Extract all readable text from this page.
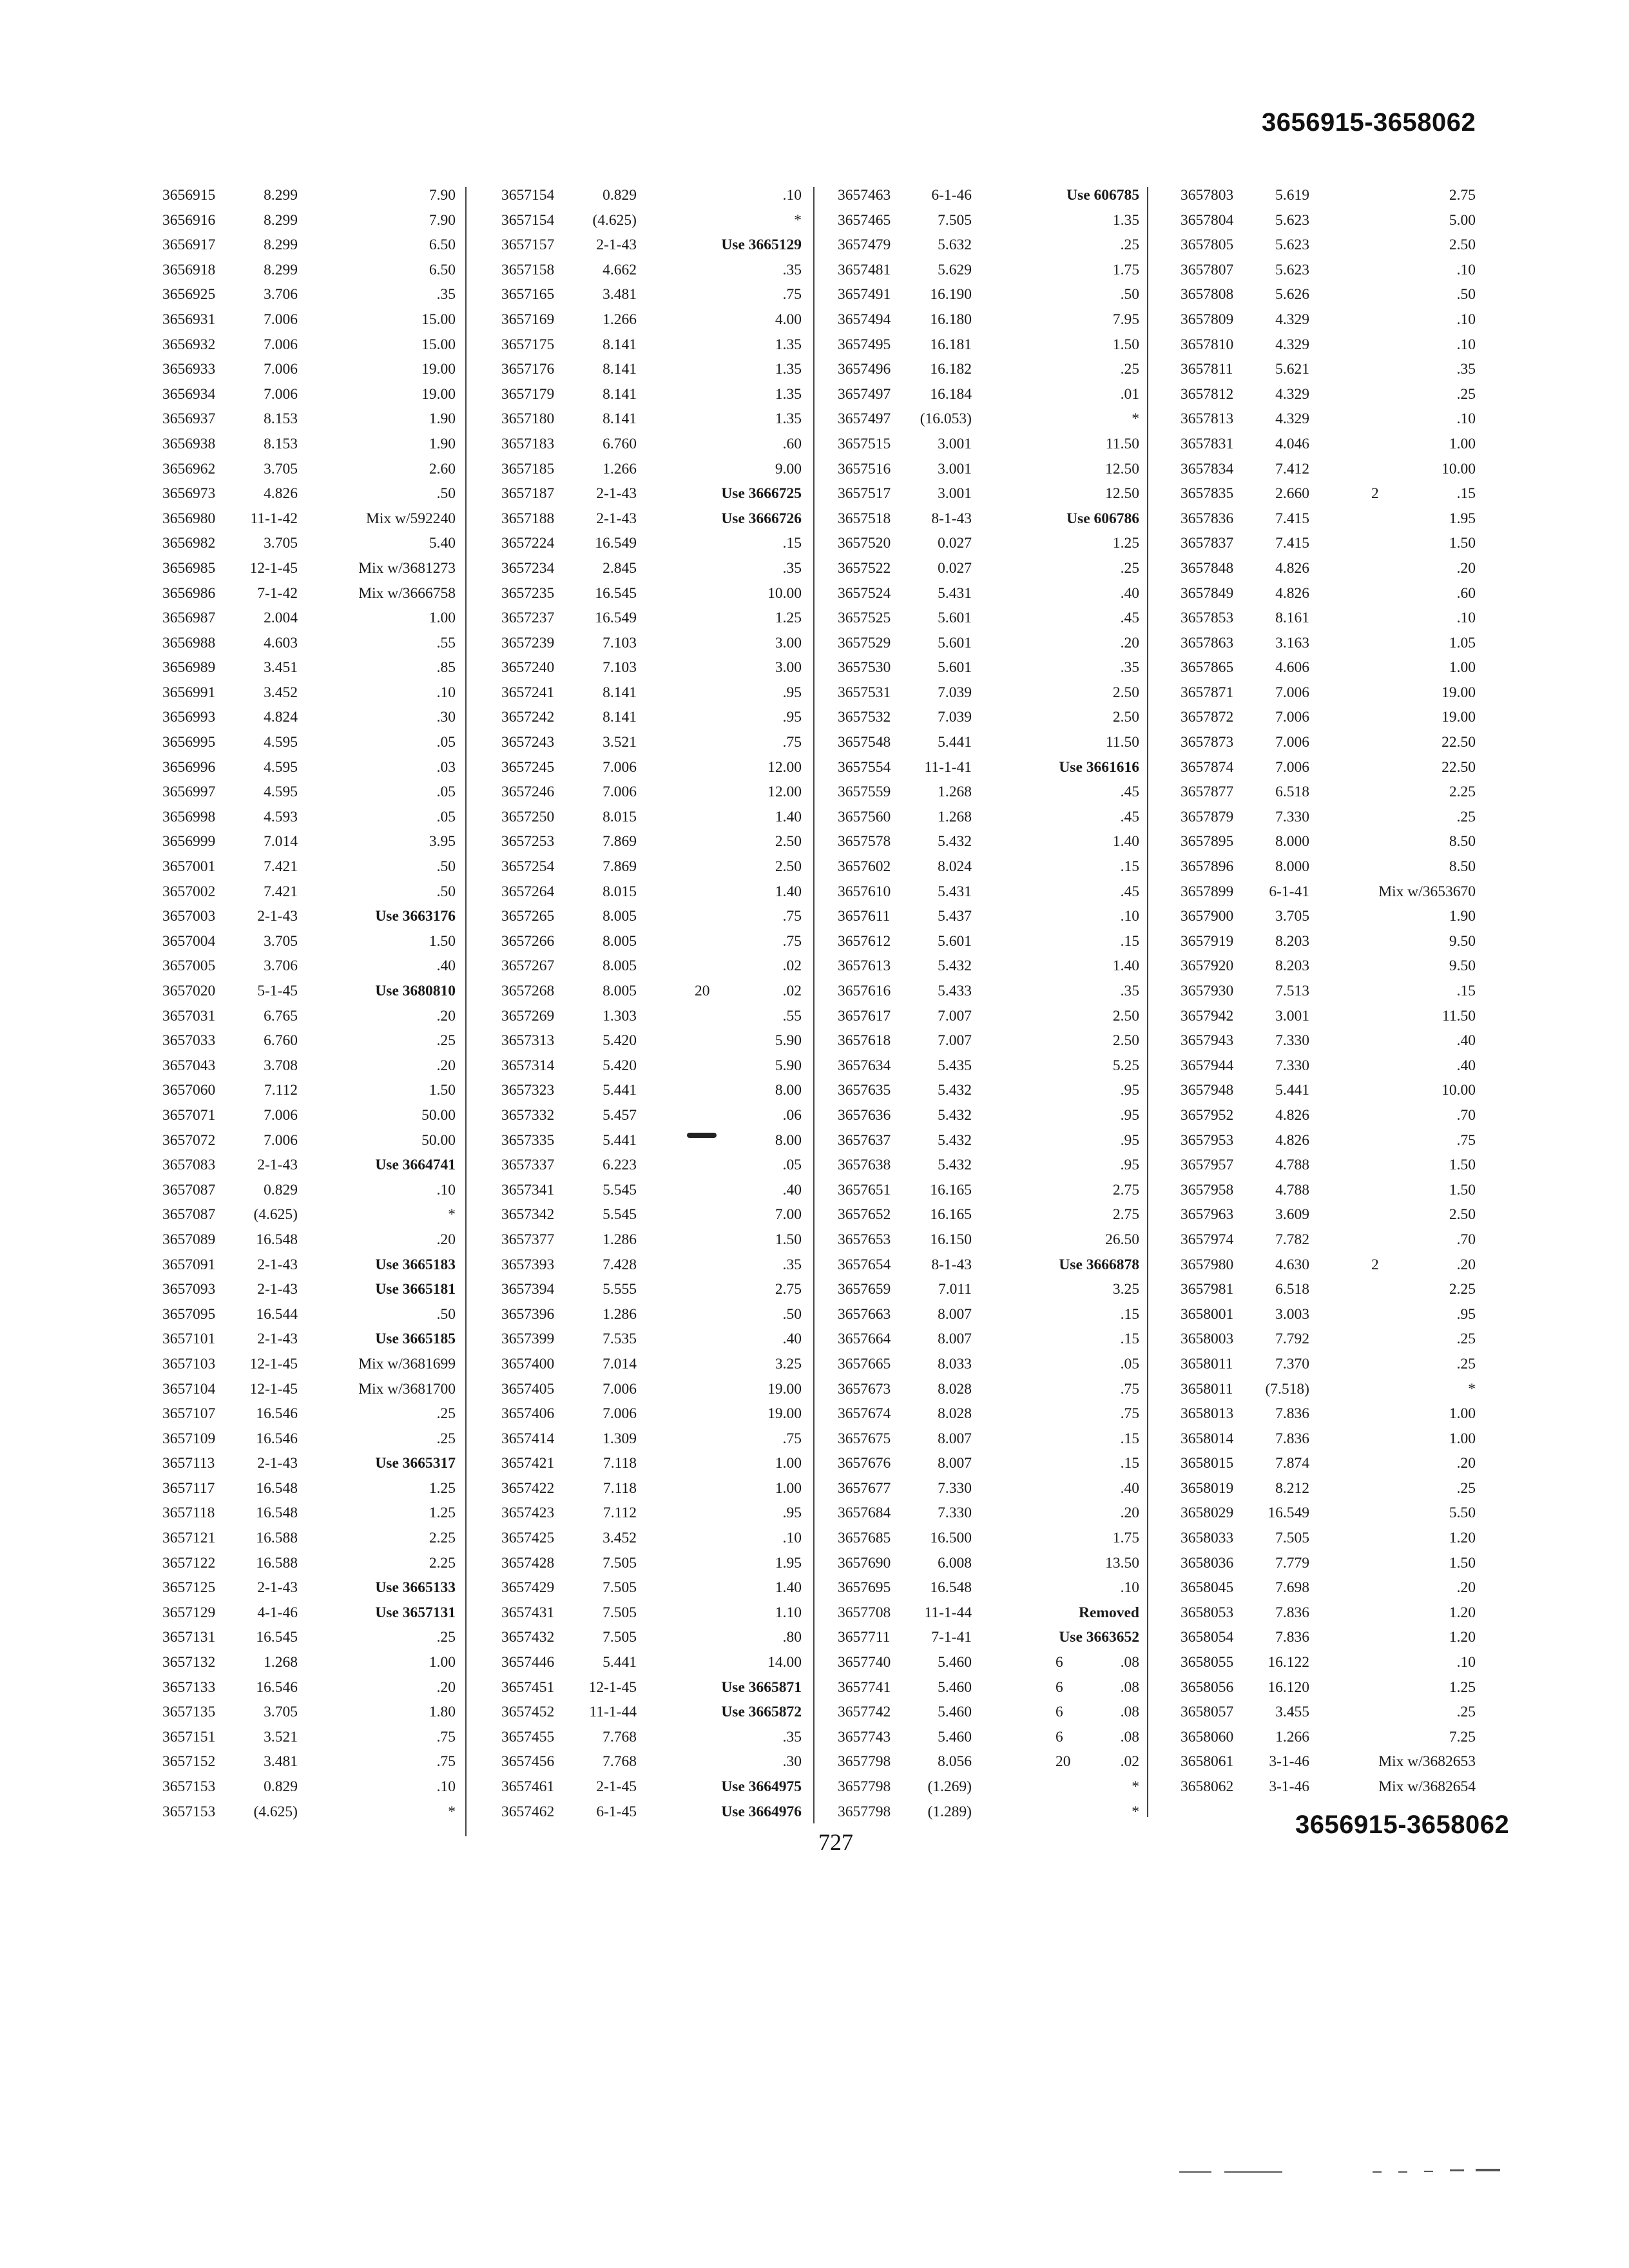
3656915-3658062
3656915	8.299	7.90
3656916	8.299	7.90
3656917	8.299	6.50
3656918	8.299	6.50
3656925	3.706	.35
3656931	7.006	15.00
3656932	7.006	15.00
3656933	7.006	19.00
3656934	7.006	19.00
3656937	8.153	1.90
3656938	8.153	1.90
3656962	3.705	2.60
3656973	4.826	.50
3656980	11-1-42	Mix w/592240
3656982	3.705	5.40
3656985	12-1-45	Mix w/3681273
3656986	7-1-42	Mix w/3666758
3656987	2.004	1.00
3656988	4.603	.55
3656989	3.451	.85
3656991	3.452	.10
3656993	4.824	.30
3656995	4.595	.05
3656996	4.595	.03
3656997	4.595	.05
3656998	4.593	.05
3656999	7.014	3.95
3657001	7.421	.50
3657002	7.421	.50
3657003	2-1-43	Use 3663176
3657004	3.705	1.50
3657005	3.706	.40
3657020	5-1-45	Use 3680810
3657031	6.765	.20
3657033	6.760	.25
3657043	3.708	.20
3657060	7.112	1.50
3657071	7.006	50.00
3657072	7.006	50.00
3657083	2-1-43	Use 3664741
3657087	0.829	.10
3657087	(4.625)	*
3657089	16.548	.20
3657091	2-1-43	Use 3665183
3657093	2-1-43	Use 3665181
3657095	16.544	.50
3657101	2-1-43	Use 3665185
3657103	12-1-45	Mix w/3681699
3657104	12-1-45	Mix w/3681700
3657107	16.546	.25
3657109	16.546	.25
3657113	2-1-43	Use 3665317
3657117	16.548	1.25
3657118	16.548	1.25
3657121	16.588	2.25
3657122	16.588	2.25
3657125	2-1-43	Use 3665133
3657129	4-1-46	Use 3657131
3657131	16.545	.25
3657132	1.268	1.00
3657133	16.546	.20
3657135	3.705	1.80
3657151	3.521	.75
3657152	3.481	.75
3657153	0.829	.10
3657153	(4.625)	*
3657154	0.829	.10
3657154	(4.625)	*
3657157	2-1-43	Use 3665129
3657158	4.662	.35
3657165	3.481	.75
3657169	1.266	4.00
3657175	8.141	1.35
3657176	8.141	1.35
3657179	8.141	1.35
3657180	8.141	1.35
3657183	6.760	.60
3657185	1.266	9.00
3657187	2-1-43	Use 3666725
3657188	2-1-43	Use 3666726
3657224	16.549	.15
3657234	2.845	.35
3657235	16.545	10.00
3657237	16.549	1.25
3657239	7.103	3.00
3657240	7.103	3.00
3657241	8.141	.95
3657242	8.141	.95
3657243	3.521	.75
3657245	7.006	12.00
3657246	7.006	12.00
3657250	8.015	1.40
3657253	7.869	2.50
3657254	7.869	2.50
3657264	8.015	1.40
3657265	8.005	.75
3657266	8.005	.75
3657267	8.005	.02
3657268	8.005	20	.02
3657269	1.303	.55
3657313	5.420	5.90
3657314	5.420	5.90
3657323	5.441	8.00
3657332	5.457	.06
3657335	5.441	8.00
3657337	6.223	.05
3657341	5.545	.40
3657342	5.545	7.00
3657377	1.286	1.50
3657393	7.428	.35
3657394	5.555	2.75
3657396	1.286	.50
3657399	7.535	.40
3657400	7.014	3.25
3657405	7.006	19.00
3657406	7.006	19.00
3657414	1.309	.75
3657421	7.118	1.00
3657422	7.118	1.00
3657423	7.112	.95
3657425	3.452	.10
3657428	7.505	1.95
3657429	7.505	1.40
3657431	7.505	1.10
3657432	7.505	.80
3657446	5.441	14.00
3657451	12-1-45	Use 3665871
3657452	11-1-44	Use 3665872
3657455	7.768	.35
3657456	7.768	.30
3657461	2-1-45	Use 3664975
3657462	6-1-45	Use 3664976
3657463	6-1-46	Use 606785
3657465	7.505	1.35
3657479	5.632	.25
3657481	5.629	1.75
3657491	16.190	.50
3657494	16.180	7.95
3657495	16.181	1.50
3657496	16.182	.25
3657497	16.184	.01
3657497	(16.053)	*
3657515	3.001	11.50
3657516	3.001	12.50
3657517	3.001	12.50
3657518	8-1-43	Use 606786
3657520	0.027	1.25
3657522	0.027	.25
3657524	5.431	.40
3657525	5.601	.45
3657529	5.601	.20
3657530	5.601	.35
3657531	7.039	2.50
3657532	7.039	2.50
3657548	5.441	11.50
3657554	11-1-41	Use 3661616
3657559	1.268	.45
3657560	1.268	.45
3657578	5.432	1.40
3657602	8.024	.15
3657610	5.431	.45
3657611	5.437	.10
3657612	5.601	.15
3657613	5.432	1.40
3657616	5.433	.35
3657617	7.007	2.50
3657618	7.007	2.50
3657634	5.435	5.25
3657635	5.432	.95
3657636	5.432	.95
3657637	5.432	.95
3657638	5.432	.95
3657651	16.165	2.75
3657652	16.165	2.75
3657653	16.150	26.50
3657654	8-1-43	Use 3666878
3657659	7.011	3.25
3657663	8.007	.15
3657664	8.007	.15
3657665	8.033	.05
3657673	8.028	.75
3657674	8.028	.75
3657675	8.007	.15
3657676	8.007	.15
3657677	7.330	.40
3657684	7.330	.20
3657685	16.500	1.75
3657690	6.008	13.50
3657695	16.548	.10
3657708	11-1-44	Removed
3657711	7-1-41	Use 3663652
3657740	5.460	6	.08
3657741	5.460	6	.08
3657742	5.460	6	.08
3657743	5.460	6	.08
3657798	8.056	20	.02
3657798	(1.269)	*
3657798	(1.289)	*
3657803	5.619	2.75
3657804	5.623	5.00
3657805	5.623	2.50
3657807	5.623	.10
3657808	5.626	.50
3657809	4.329	.10
3657810	4.329	.10
3657811	5.621	.35
3657812	4.329	.25
3657813	4.329	.10
3657831	4.046	1.00
3657834	7.412	10.00
3657835	2.660	2	.15
3657836	7.415	1.95
3657837	7.415	1.50
3657848	4.826	.20
3657849	4.826	.60
3657853	8.161	.10
3657863	3.163	1.05
3657865	4.606	1.00
3657871	7.006	19.00
3657872	7.006	19.00
3657873	7.006	22.50
3657874	7.006	22.50
3657877	6.518	2.25
3657879	7.330	.25
3657895	8.000	8.50
3657896	8.000	8.50
3657899	6-1-41	Mix w/3653670
3657900	3.705	1.90
3657919	8.203	9.50
3657920	8.203	9.50
3657930	7.513	.15
3657942	3.001	11.50
3657943	7.330	.40
3657944	7.330	.40
3657948	5.441	10.00
3657952	4.826	.70
3657953	4.826	.75
3657957	4.788	1.50
3657958	4.788	1.50
3657963	3.609	2.50
3657974	7.782	.70
3657980	4.630	2	.20
3657981	6.518	2.25
3658001	3.003	.95
3658003	7.792	.25
3658011	7.370	.25
3658011	(7.518)	*
3658013	7.836	1.00
3658014	7.836	1.00
3658015	7.874	.20
3658019	8.212	.25
3658029	16.549	5.50
3658033	7.505	1.20
3658036	7.779	1.50
3658045	7.698	.20
3658053	7.836	1.20
3658054	7.836	1.20
3658055	16.122	.10
3658056	16.120	1.25
3658057	3.455	.25
3658060	1.266	7.25
3658061	3-1-46	Mix w/3682653
3658062	3-1-46	Mix w/3682654
727
3656915-3658062
